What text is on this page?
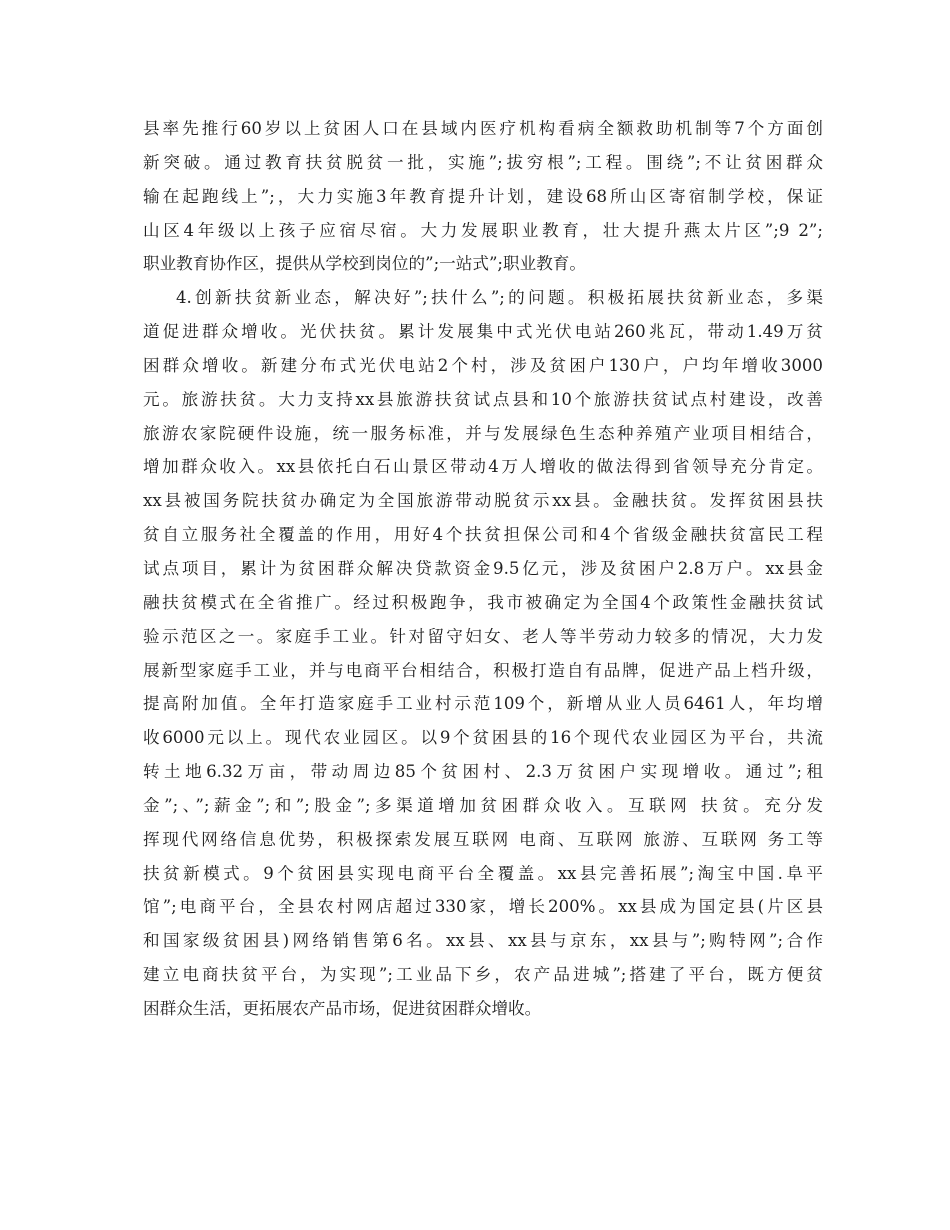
县率先推行60岁以上贫困人口在县域内医疗机构看病全额救助机制等7个方面创
新突破。通过教育扶贫脱贫一批，实施”;拔穷根”;工程。围绕”;不让贫困群众
输在起跑线上”;，大力实施3年教育提升计划，建设68所山区寄宿制学校，保证
山区4年级以上孩子应宿尽宿。大力发展职业教育，壮大提升燕太片区”;9 2”;
职业教育协作区，提供从学校到岗位的”;一站式”;职业教育。
4.创新扶贫新业态，解决好”;扶什么”;的问题。积极拓展扶贫新业态，多渠
道促进群众增收。光伏扶贫。累计发展集中式光伏电站260兆瓦，带动1.49万贫
困群众增收。新建分布式光伏电站2个村，涉及贫困户130户，户均年增收3000
元。旅游扶贫。大力支持xx县旅游扶贫试点县和10个旅游扶贫试点村建设，改善
旅游农家院硬件设施，统一服务标准，并与发展绿色生态种养殖产业项目相结合，
增加群众收入。xx县依托白石山景区带动4万人增收的做法得到省领导充分肯定。
xx县被国务院扶贫办确定为全国旅游带动脱贫示xx县。金融扶贫。发挥贫困县扶
贫自立服务社全覆盖的作用，用好4个扶贫担保公司和4个省级金融扶贫富民工程
试点项目，累计为贫困群众解决贷款资金9.5亿元，涉及贫困户2.8万户。xx县金
融扶贫模式在全省推广。经过积极跑争，我市被确定为全国4个政策性金融扶贫试
验示范区之一。家庭手工业。针对留守妇女、老人等半劳动力较多的情况，大力发
展新型家庭手工业，并与电商平台相结合，积极打造自有品牌，促进产品上档升级，
提高附加值。全年打造家庭手工业村示范109个，新增从业人员6461人，年均增
收6000元以上。现代农业园区。以9个贫困县的16个现代农业园区为平台，共流
转土地6.32万亩，带动周边85个贫困村、2.3万贫困户实现增收。通过”;租
金”;、”;薪金”;和”;股金”;多渠道增加贫困群众收入。互联网 扶贫。充分发
挥现代网络信息优势，积极探索发展互联网 电商、互联网 旅游、互联网 务工等
扶贫新模式。9个贫困县实现电商平台全覆盖。xx县完善拓展”;淘宝中国.阜平
馆”;电商平台，全县农村网店超过330家，增长200%。xx县成为国定县(片区县
和国家级贫困县)网络销售第6名。xx县、xx县与京东，xx县与”;购特网”;合作
建立电商扶贫平台，为实现”;工业品下乡，农产品进城”;搭建了平台，既方便贫
困群众生活，更拓展农产品市场，促进贫困群众增收。
